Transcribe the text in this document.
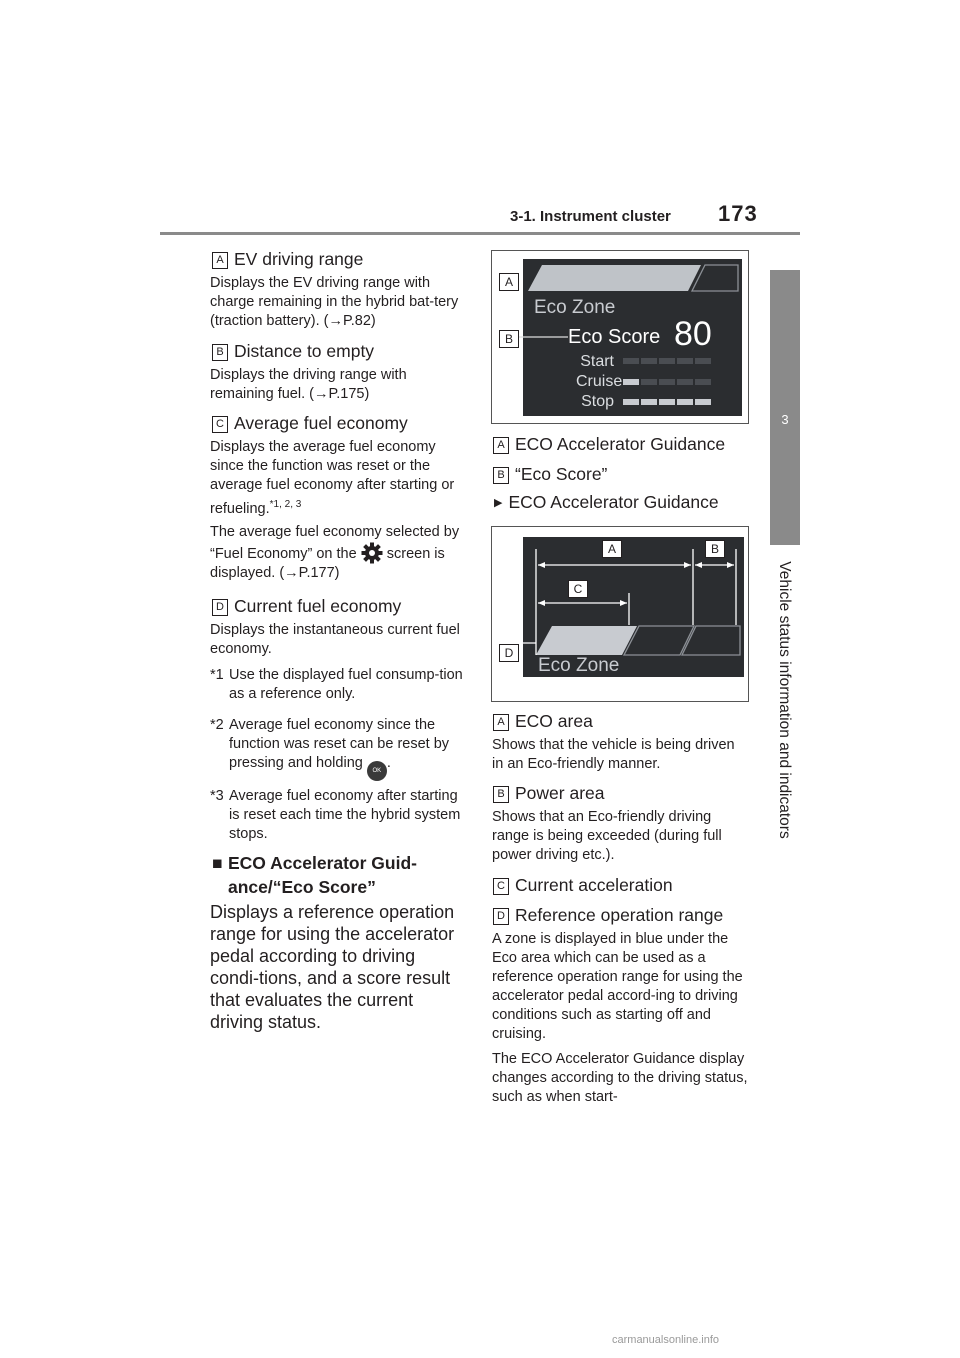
3-1. Instrument cluster 173
3
Vehicle status information and indicators
A EV driving range
Displays the EV driving range with charge remaining in the hybrid bat-tery (traction battery). (→P.82)
B Distance to empty
Displays the driving range with remaining fuel. (→P.175)
C Average fuel economy
Displays the average fuel economy since the function was reset or the average fuel economy after starting or refueling.$^{*1, 2, 3}$
The average fuel economy selected by “Fuel Economy” on the screen is displayed. (→P.177)
D Current fuel economy
Displays the instantaneous current fuel economy.
*1 Use the displayed fuel consump-tion as a reference only.
*2 Average fuel economy since the function was reset can be reset by pressing and holding OK .
*3 Average fuel economy after starting is reset each time the hybrid system stops.
■ ECO Accelerator Guid-ance/“Eco Score”
Displays a reference operation range for using the accelerator pedal according to driving condi-tions, and a score result that evaluates the current driving status.
Eco Zone
Eco Score 80
Start
Cruise
Stop
A
B
A ECO Accelerator Guidance
B “Eco Score”
▶ ECO Accelerator Guidance
Eco Zone
A	B
C
D
A ECO area
Shows that the vehicle is being driven in an Eco-friendly manner.
B Power area
Shows that an Eco-friendly driving range is being exceeded (during full power driving etc.).
C Current acceleration
D Reference operation range
A zone is displayed in blue under the Eco area which can be used as a reference operation range for using the accelerator pedal accord-ing to driving conditions such as starting off and cruising.
The ECO Accelerator Guidance display changes according to the driving status, such as when start-
carmanualsonline.info
